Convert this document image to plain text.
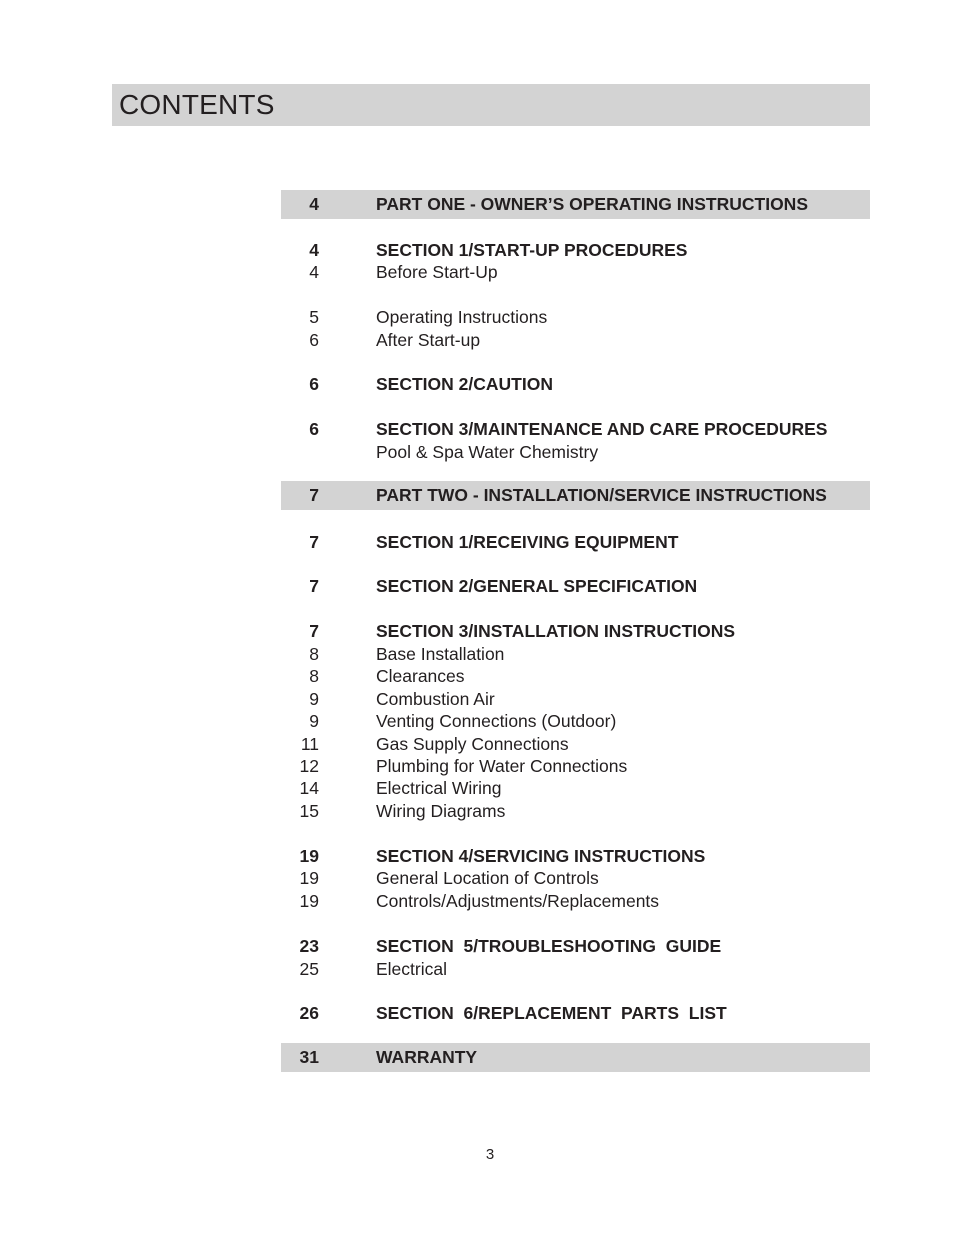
CONTENTS
4	PART ONE - OWNER’S OPERATING INSTRUCTIONS
4	SECTION 1/START-UP PROCEDURES
4	Before Start-Up
5	Operating Instructions
6	After Start-up
6	SECTION 2/CAUTION
6	SECTION 3/MAINTENANCE AND CARE PROCEDURES
Pool & Spa Water Chemistry
7	PART TWO - INSTALLATION/SERVICE INSTRUCTIONS
7	SECTION 1/RECEIVING EQUIPMENT
7	SECTION 2/GENERAL SPECIFICATION
7	SECTION 3/INSTALLATION INSTRUCTIONS
8	Base Installation
8	Clearances
9	Combustion Air
9	Venting Connections (Outdoor)
11	Gas Supply Connections
12	Plumbing for Water Connections
14	Electrical Wiring
15	Wiring Diagrams
19	SECTION 4/SERVICING INSTRUCTIONS
19	General Location of Controls
19	Controls/Adjustments/Replacements
23	SECTION  5/TROUBLESHOOTING  GUIDE
25	Electrical
26	SECTION  6/REPLACEMENT  PARTS  LIST
31	WARRANTY
3
